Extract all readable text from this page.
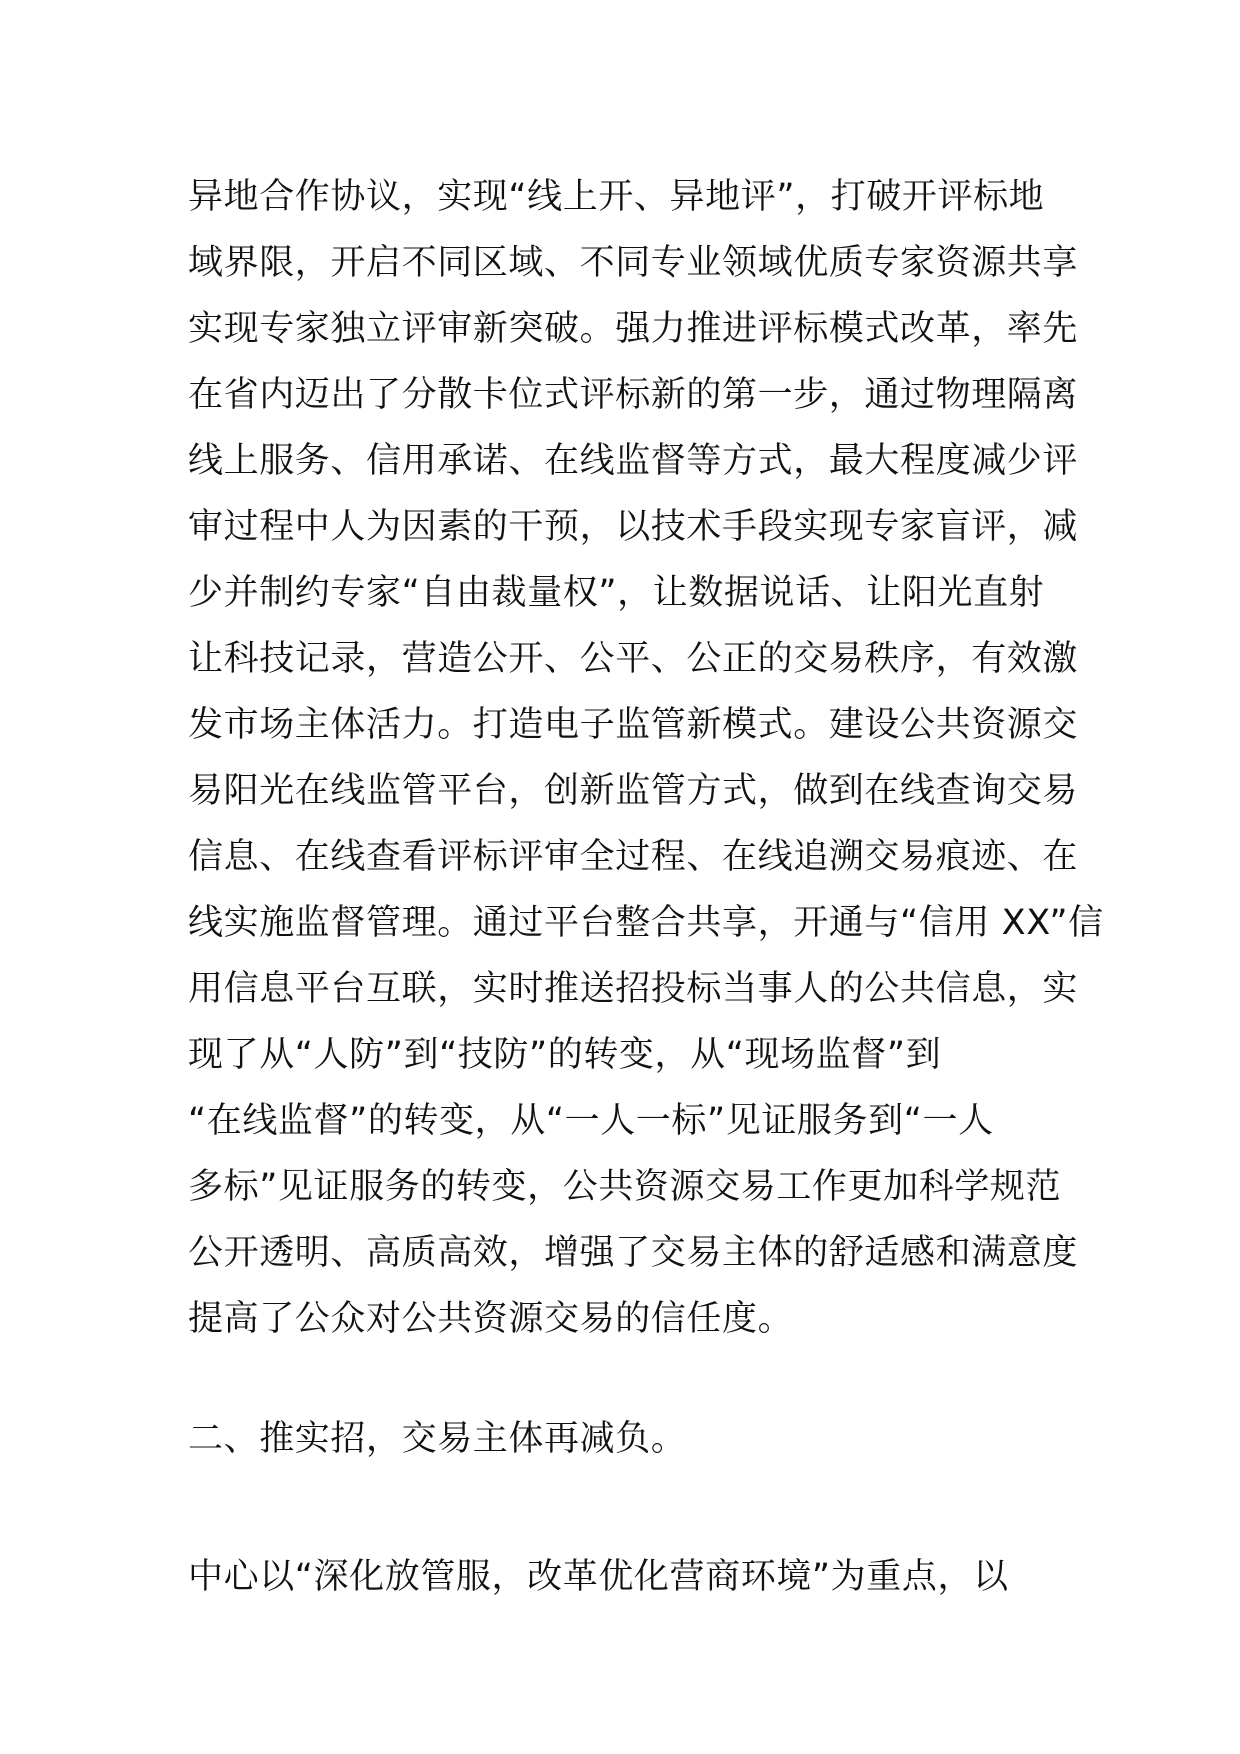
异地合作协议，实现“线上开、异地评”，打破开评标地
域界限，开启不同区域、不同专业领域优质专家资源共享
实现专家独立评审新突破。强力推进评标模式改革，率先
在省内迈出了分散卡位式评标新的第一步，通过物理隔离
线上服务、信用承诺、在线监督等方式，最大程度减少评
审过程中人为因素的干预，以技术手段实现专家盲评，减
少并制约专家“自由裁量权”，让数据说话、让阳光直射
让科技记录，营造公开、公平、公正的交易秩序，有效激
发市场主体活力。打造电子监管新模式。建设公共资源交
易阳光在线监管平台，创新监管方式，做到在线查询交易
信息、在线查看评标评审全过程、在线追溯交易痕迹、在
线实施监督管理。通过平台整合共享，开通与“信用 XX”信
用信息平台互联，实时推送招投标当事人的公共信息，实
现了从“人防”到“技防”的转变，从“现场监督”到
“在线监督”的转变，从“一人一标”见证服务到“一人
多标”见证服务的转变，公共资源交易工作更加科学规范
公开透明、高质高效，增强了交易主体的舒适感和满意度
提高了公众对公共资源交易的信任度。
二、推实招，交易主体再减负。
中心以“深化放管服，改革优化营商环境”为重点，以
